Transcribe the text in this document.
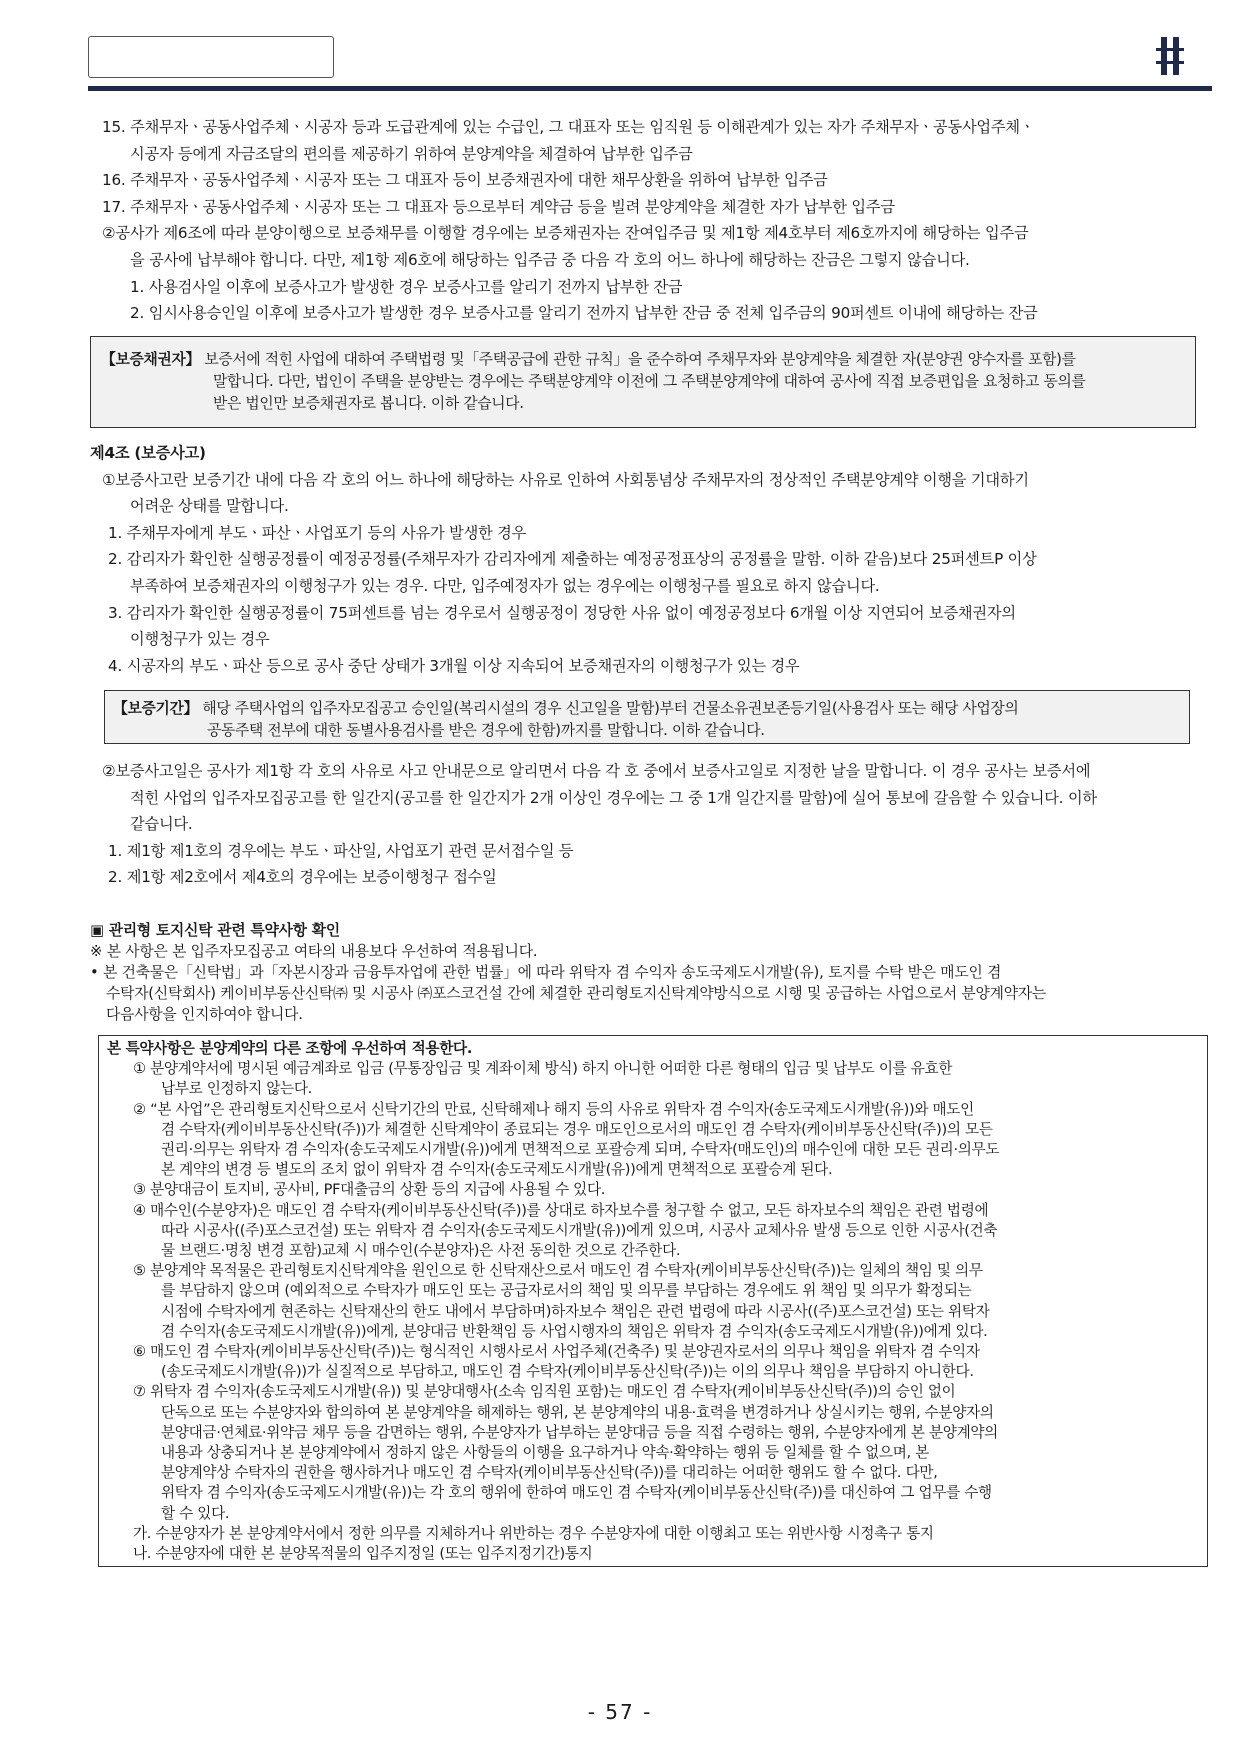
15. 주채무자ㆍ공동사업주체ㆍ시공자 등과 도급관계에 있는 수급인, 그 대표자 또는 임직원 등 이해관계가 있는 자가 주채무자ㆍ공동사업주체ㆍ
시공자 등에게 자금조달의 편의를 제공하기 위하여 분양계약을 체결하여 납부한 입주금
16. 주채무자ㆍ공동사업주체ㆍ시공자 또는 그 대표자 등이 보증채권자에 대한 채무상환을 위하여 납부한 입주금
17. 주채무자ㆍ공동사업주체ㆍ시공자 또는 그 대표자 등으로부터 계약금 등을 빌려 분양계약을 체결한 자가 납부한 입주금
②공사가 제6조에 따라 분양이행으로 보증채무를 이행할 경우에는 보증채권자는 잔여입주금 및 제1항 제4호부터 제6호까지에 해당하는 입주금
을 공사에 납부해야 합니다. 다만, 제1항 제6호에 해당하는 입주금 중 다음 각 호의 어느 하나에 해당하는 잔금은 그렇지 않습니다.
1. 사용검사일 이후에 보증사고가 발생한 경우 보증사고를 알리기 전까지 납부한 잔금
2. 임시사용승인일 이후에 보증사고가 발생한 경우 보증사고를 알리기 전까지 납부한 잔금 중 전체 입주금의 90퍼센트 이내에 해당하는 잔금
【보증채권자】 보증서에 적힌 사업에 대하여 주택법령 및「주택공급에 관한 규칙」을 준수하여 주채무자와 분양계약을 체결한 자(분양권 양수자를 포함)를
말합니다. 다만, 법인이 주택을 분양받는 경우에는 주택분양계약 이전에 그 주택분양계약에 대하여 공사에 직접 보증편입을 요청하고 동의를
받은 법인만 보증채권자로 봅니다. 이하 같습니다.
제4조 (보증사고)
①보증사고란 보증기간 내에 다음 각 호의 어느 하나에 해당하는 사유로 인하여 사회통념상 주채무자의 정상적인 주택분양계약 이행을 기대하기
어려운 상태를 말합니다.
1. 주채무자에게 부도ㆍ파산ㆍ사업포기 등의 사유가 발생한 경우
2. 감리자가 확인한 실행공정률이 예정공정률(주채무자가 감리자에게 제출하는 예정공정표상의 공정률을 말함. 이하 같음)보다 25퍼센트P 이상
부족하여 보증채권자의 이행청구가 있는 경우. 다만, 입주예정자가 없는 경우에는 이행청구를 필요로 하지 않습니다.
3. 감리자가 확인한 실행공정률이 75퍼센트를 넘는 경우로서 실행공정이 정당한 사유 없이 예정공정보다 6개월 이상 지연되어 보증채권자의
이행청구가 있는 경우
4. 시공자의 부도ㆍ파산 등으로 공사 중단 상태가 3개월 이상 지속되어 보증채권자의 이행청구가 있는 경우
【보증기간】 해당 주택사업의 입주자모집공고 승인일(복리시설의 경우 신고일을 말함)부터 건물소유권보존등기일(사용검사 또는 해당 사업장의
공동주택 전부에 대한 동별사용검사를 받은 경우에 한함)까지를 말합니다. 이하 같습니다.
②보증사고일은 공사가 제1항 각 호의 사유로 사고 안내문으로 알리면서 다음 각 호 중에서 보증사고일로 지정한 날을 말합니다. 이 경우 공사는 보증서에
적힌 사업의 입주자모집공고를 한 일간지(공고를 한 일간지가 2개 이상인 경우에는 그 중 1개 일간지를 말함)에 실어 통보에 갈음할 수 있습니다. 이하
같습니다.
1. 제1항 제1호의 경우에는 부도ㆍ파산일, 사업포기 관련 문서접수일 등
2. 제1항 제2호에서 제4호의 경우에는 보증이행청구 접수일
▣ 관리형 토지신탁 관련 특약사항 확인
※ 본 사항은 본 입주자모집공고 여타의 내용보다 우선하여 적용됩니다.
• 본 건축물은「신탁법」과「자본시장과 금융투자업에 관한 법률」에 따라 위탁자 겸 수익자 송도국제도시개발(유), 토지를 수탁 받은 매도인 겸
수탁자(신탁회사) 케이비부동산신탁㈜ 및 시공사 ㈜포스코건설 간에 체결한 관리형토지신탁계약방식으로 시행 및 공급하는 사업으로서 분양계약자는
다음사항을 인지하여야 합니다.
본 특약사항은 분양계약의 다른 조항에 우선하여 적용한다.
① 분양계약서에 명시된 예금계좌로 입금 (무통장입금 및 계좌이체 방식) 하지 아니한 어떠한 다른 형태의 입금 및 납부도 이를 유효한
납부로 인정하지 않는다.
② “본 사업”은 관리형토지신탁으로서 신탁기간의 만료, 신탁해제나 해지 등의 사유로 위탁자 겸 수익자(송도국제도시개발(유))와 매도인
겸 수탁자(케이비부동산신탁(주))가 체결한 신탁계약이 종료되는 경우 매도인으로서의 매도인 겸 수탁자(케이비부동산신탁(주))의 모든
권리·의무는 위탁자 겸 수익자(송도국제도시개발(유))에게 면책적으로 포괄승계 되며, 수탁자(매도인)의 매수인에 대한 모든 권리·의무도
본 계약의 변경 등 별도의 조치 없이 위탁자 겸 수익자(송도국제도시개발(유))에게 면책적으로 포괄승계 된다.
③ 분양대금이 토지비, 공사비, PF대출금의 상환 등의 지급에 사용될 수 있다.
④ 매수인(수분양자)은 매도인 겸 수탁자(케이비부동산신탁(주))를 상대로 하자보수를 청구할 수 없고, 모든 하자보수의 책임은 관련 법령에
따라 시공사((주)포스코건설) 또는 위탁자 겸 수익자(송도국제도시개발(유))에게 있으며, 시공사 교체사유 발생 등으로 인한 시공사(건축
물 브랜드·명칭 변경 포함)교체 시 매수인(수분양자)은 사전 동의한 것으로 간주한다.
⑤ 분양계약 목적물은 관리형토지신탁계약을 원인으로 한 신탁재산으로서 매도인 겸 수탁자(케이비부동산신탁(주))는 일체의 책임 및 의무
를 부담하지 않으며 (예외적으로 수탁자가 매도인 또는 공급자로서의 책임 및 의무를 부담하는 경우에도 위 책임 및 의무가 확정되는
시점에 수탁자에게 현존하는 신탁재산의 한도 내에서 부담하며)하자보수 책임은 관련 법령에 따라 시공사((주)포스코건설) 또는 위탁자
겸 수익자(송도국제도시개발(유))에게, 분양대금 반환책임 등 사업시행자의 책임은 위탁자 겸 수익자(송도국제도시개발(유))에게 있다.
⑥ 매도인 겸 수탁자(케이비부동산신탁(주))는 형식적인 시행사로서 사업주체(건축주) 및 분양권자로서의 의무나 책임을 위탁자 겸 수익자
(송도국제도시개발(유))가 실질적으로 부담하고, 매도인 겸 수탁자(케이비부동산신탁(주))는 이의 의무나 책임을 부담하지 아니한다.
⑦ 위탁자 겸 수익자(송도국제도시개발(유)) 및 분양대행사(소속 임직원 포함)는 매도인 겸 수탁자(케이비부동산신탁(주))의 승인 없이
단독으로 또는 수분양자와 합의하여 본 분양계약을 해제하는 행위, 본 분양계약의 내용·효력을 변경하거나 상실시키는 행위, 수분양자의
분양대금·연체료·위약금 채무 등을 감면하는 행위, 수분양자가 납부하는 분양대금 등을 직접 수령하는 행위, 수분양자에게 본 분양계약의
내용과 상충되거나 본 분양계약에서 정하지 않은 사항들의 이행을 요구하거나 약속·확약하는 행위 등 일체를 할 수 없으며, 본
분양계약상 수탁자의 권한을 행사하거나 매도인 겸 수탁자(케이비부동산신탁(주))를 대리하는 어떠한 행위도 할 수 없다. 다만,
위탁자 겸 수익자(송도국제도시개발(유))는 각 호의 행위에 한하여 매도인 겸 수탁자(케이비부동산신탁(주))를 대신하여 그 업무를 수행
할 수 있다.
가. 수분양자가 본 분양계약서에서 정한 의무를 지체하거나 위반하는 경우 수분양자에 대한 이행최고 또는 위반사항 시정촉구 통지
나. 수분양자에 대한 본 분양목적물의 입주지정일 (또는 입주지정기간)통지
- 57 -
